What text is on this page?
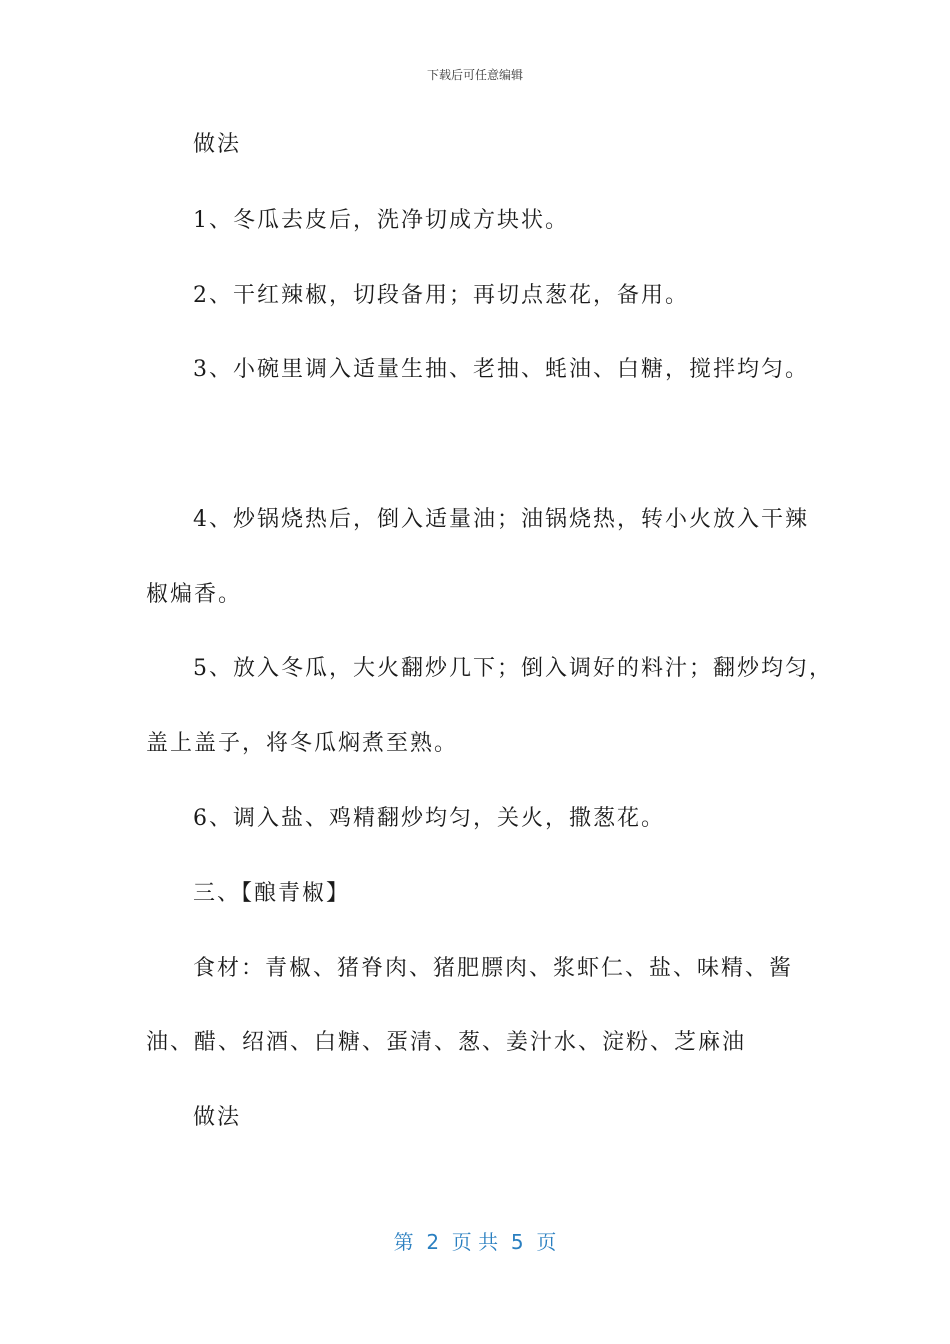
下载后可任意编辑
做法
1、冬瓜去皮后，洗净切成方块状。
2、干红辣椒，切段备用；再切点葱花，备用。
3、小碗里调入适量生抽、老抽、蚝油、白糖，搅拌均匀。
4、炒锅烧热后，倒入适量油；油锅烧热，转小火放入干辣
椒煸香。
5、放入冬瓜，大火翻炒几下；倒入调好的料汁；翻炒均匀，
盖上盖子，将冬瓜焖煮至熟。
6、调入盐、鸡精翻炒均匀，关火，撒葱花。
三、【酿青椒】
食材：青椒、猪脊肉、猪肥膘肉、浆虾仁、盐、味精、酱
油、醋、绍酒、白糖、蛋清、葱、姜汁水、淀粉、芝麻油
做法
第  2  页 共  5  页
